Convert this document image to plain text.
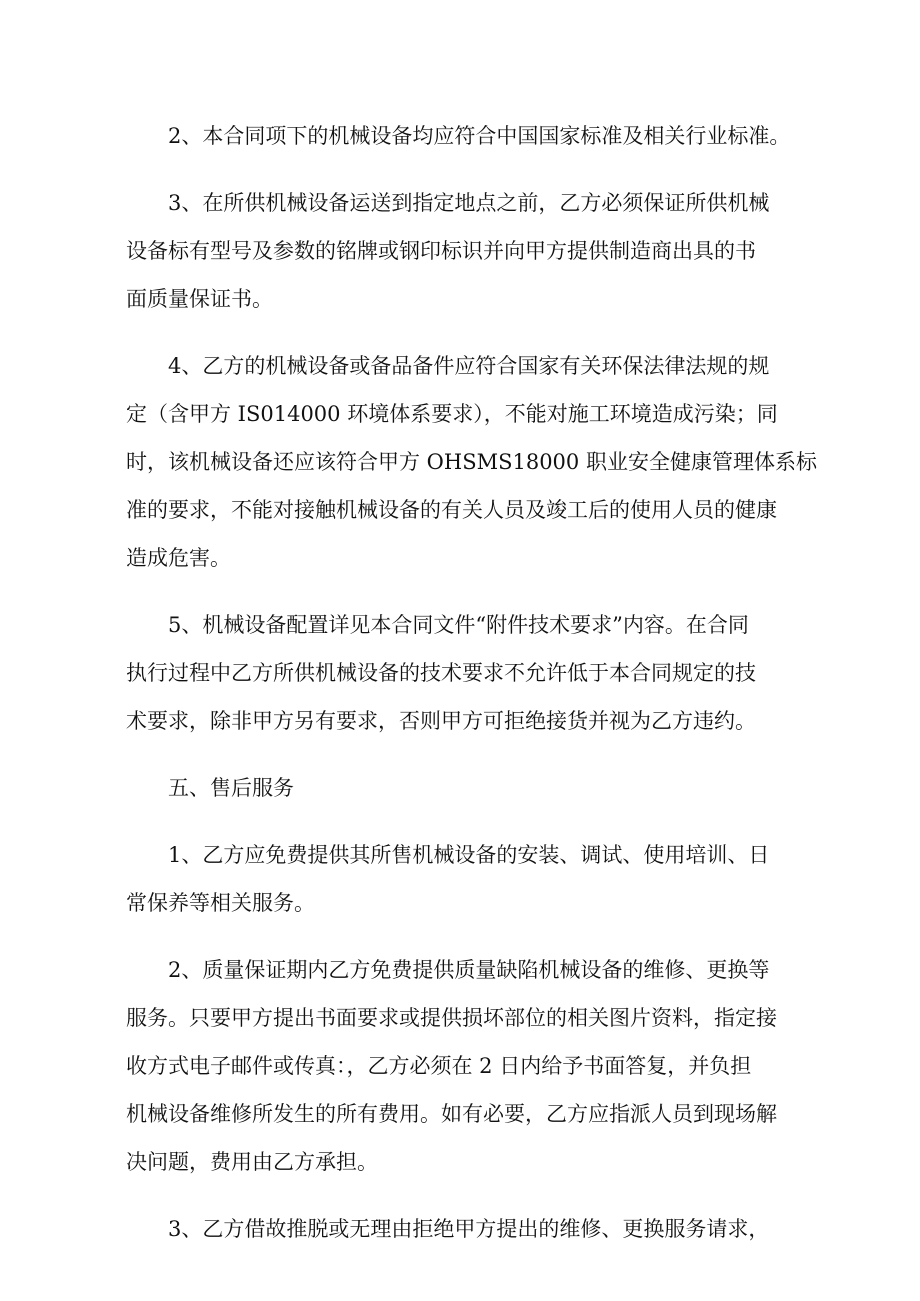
2、本合同项下的机械设备均应符合中国国家标准及相关行业标准。
3、在所供机械设备运送到指定地点之前，乙方必须保证所供机械
设备标有型号及参数的铭牌或钢印标识并向甲方提供制造商出具的书
面质量保证书。
4、乙方的机械设备或备品备件应符合国家有关环保法律法规的规
定（含甲方 IS014000 环境体系要求），不能对施工环境造成污染；同
时，该机械设备还应该符合甲方 OHSMS18000 职业安全健康管理体系标
准的要求，不能对接触机械设备的有关人员及竣工后的使用人员的健康
造成危害。
5、机械设备配置详见本合同文件“附件技术要求”内容。在合同
执行过程中乙方所供机械设备的技术要求不允许低于本合同规定的技
术要求，除非甲方另有要求，否则甲方可拒绝接货并视为乙方违约。
五、售后服务
1、乙方应免费提供其所售机械设备的安装、调试、使用培训、日
常保养等相关服务。
2、质量保证期内乙方免费提供质量缺陷机械设备的维修、更换等
服务。只要甲方提出书面要求或提供损坏部位的相关图片资料，指定接
收方式电子邮件或传真：，乙方必须在 2 日内给予书面答复，并负担
机械设备维修所发生的所有费用。如有必要，乙方应指派人员到现场解
决问题，费用由乙方承担。
3、乙方借故推脱或无理由拒绝甲方提出的维修、更换服务请求，
